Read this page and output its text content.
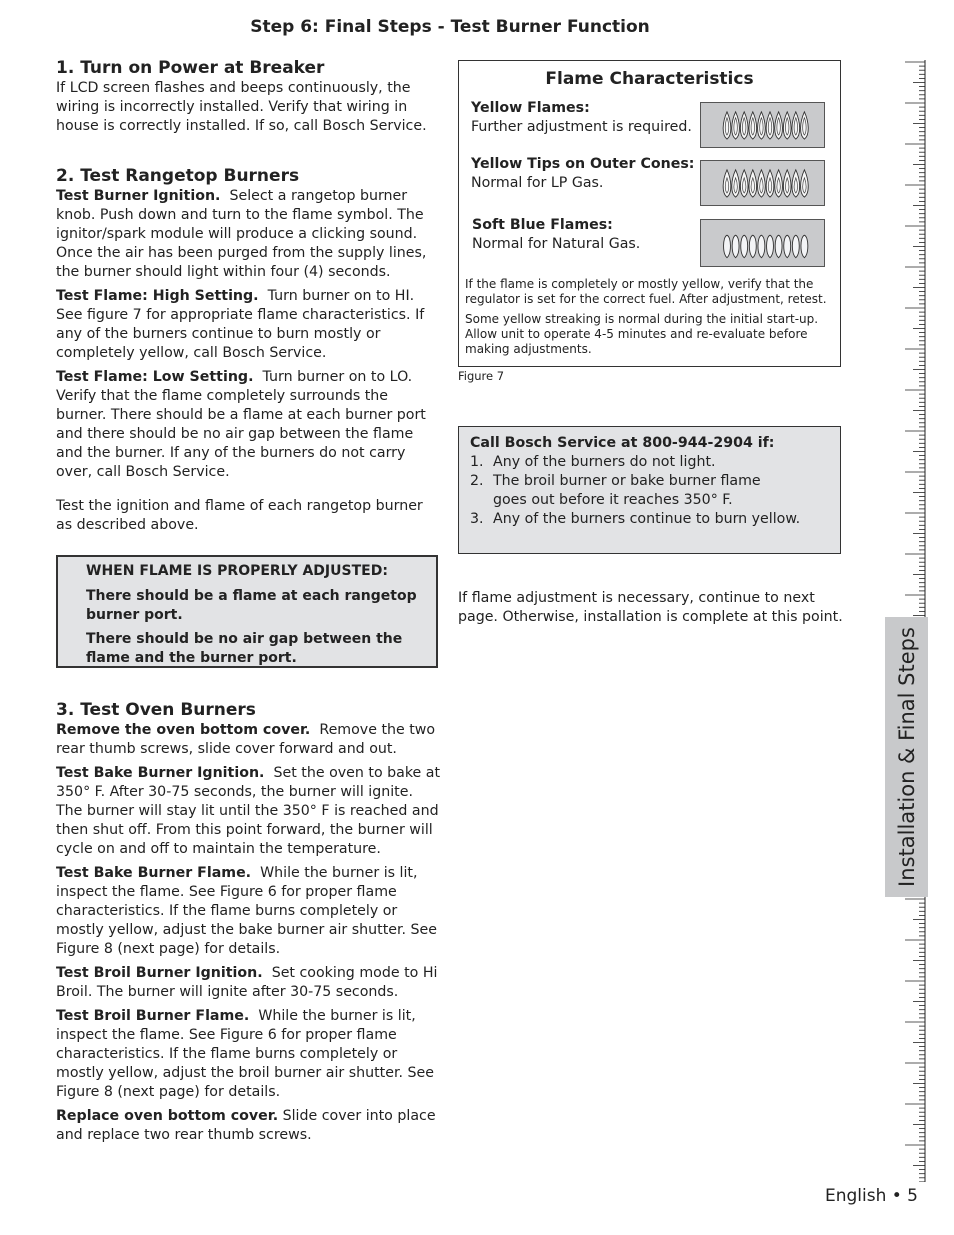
Step 6: Final Steps - Test Burner Function
1. Turn on Power at Breaker

If LCD screen flashes and beeps continuously, the wiring is incorrectly installed. Verify that wiring in house is correctly installed. If so, call Bosch Service.

2. Test Rangetop Burners

Test Burner Ignition. Select a rangetop burner knob. Push down and turn to the flame symbol. The ignitor/spark module will produce a clicking sound. Once the air has been purged from the supply lines, the burner should light within four (4) seconds.

Test Flame: High Setting. Turn burner on to HI. See figure 7 for appropriate flame characteristics. If any of the burners continue to burn mostly or completely yellow, call Bosch Service.

Test Flame: Low Setting. Turn burner on to LO. Verify that the flame completely surrounds the burner. There should be a flame at each burner port and there should be no air gap between the flame and the burner. If any of the burners do not carry over, call Bosch Service.

Test the ignition and flame of each rangetop burner as described above.

WHEN FLAME IS PROPERLY ADJUSTED:
There should be a flame at each rangetop burner port.
There should be no air gap between the flame and the burner port.
3. Test Oven Burners

Remove the oven bottom cover. Remove the two rear thumb screws, slide cover forward and out.

Test Bake Burner Ignition. Set the oven to bake at 350° F. After 30-75 seconds, the burner will ignite. The burner will stay lit until the 350° F is reached and then shut off. From this point forward, the burner will cycle on and off to maintain the temperature.

Test Bake Burner Flame. While the burner is lit, inspect the flame. See Figure 6 for proper flame characteristics. If the flame burns completely or mostly yellow, adjust the bake burner air shutter. See Figure 8 (next page) for details.

Test Broil Burner Ignition. Set cooking mode to Hi Broil. The burner will ignite after 30-75 seconds.

Test Broil Burner Flame. While the burner is lit, inspect the flame. See Figure 6 for proper flame characteristics. If the flame burns completely or mostly yellow, adjust the broil burner air shutter. See Figure 8 (next page) for details.

Replace oven bottom cover. Slide cover into place and replace two rear thumb screws.

Flame Characteristics
Yellow Flames:
Further adjustment is required.
Yellow Tips on Outer Cones:
Normal for LP Gas.
Soft Blue Flames:
Normal for Natural Gas.
If the flame is completely or mostly yellow, verify that the regulator is set for the correct fuel. After adjustment, retest.
Some yellow streaking is normal during the initial start-up. Allow unit to operate 4-5 minutes and re-evaluate before making adjustments.
Figure 7
Call Bosch Service at 800-944-2904 if:
1. Any of the burners do not light.
2. The broil burner or bake burner flame goes out before it reaches 350° F.
3. Any of the burners continue to burn yellow.
If flame adjustment is necessary, continue to next page. Otherwise, installation is complete at this point.
Installation & Final Steps
English • 5
